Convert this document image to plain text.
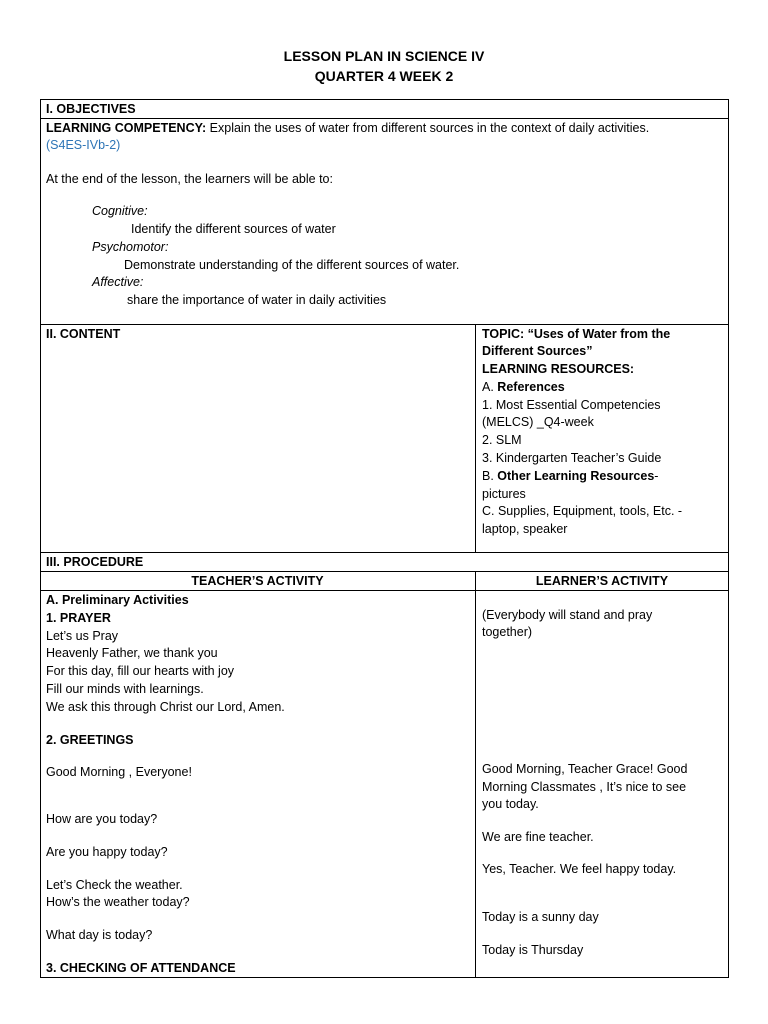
LESSON PLAN IN SCIENCE IV
QUARTER 4 WEEK 2
I. OBJECTIVES
LEARNING COMPETENCY: Explain the uses of water from different sources in the context of daily activities.
(S4ES-IVb-2)
At the end of the lesson, the learners will be able to:
Cognitive:
Identify the different sources of water
Psychomotor:
Demonstrate understanding of the different sources of water.
Affective:
share the importance of water in daily activities
II. CONTENT	TOPIC: “Uses of Water from the
Different Sources”
LEARNING RESOURCES:
A. References
1. Most Essential Competencies
(MELCS) _Q4-week
2. SLM
3. Kindergarten Teacher’s Guide
B. Other Learning Resources-
pictures
C. Supplies, Equipment, tools, Etc. -
laptop, speaker
III. PROCEDURE
TEACHER’S ACTIVITY	LEARNER’S ACTIVITY
A. Preliminary Activities
1. PRAYER
Let’s us Pray
Heavenly Father, we thank you
For this day, fill our hearts with joy
Fill our minds with learnings.
We ask this through Christ our Lord, Amen.
2. GREETINGS
Good Morning , Everyone!
How are you today?
Are you happy today?
Let’s Check the weather.
How’s the weather today?
What day is today?
3. CHECKING OF ATTENDANCE
(Everybody will stand and pray
together)
Good Morning, Teacher Grace! Good
Morning Classmates , It’s nice to see
you today.
We are fine teacher.
Yes, Teacher. We feel happy today.
Today is a sunny day
Today is Thursday
